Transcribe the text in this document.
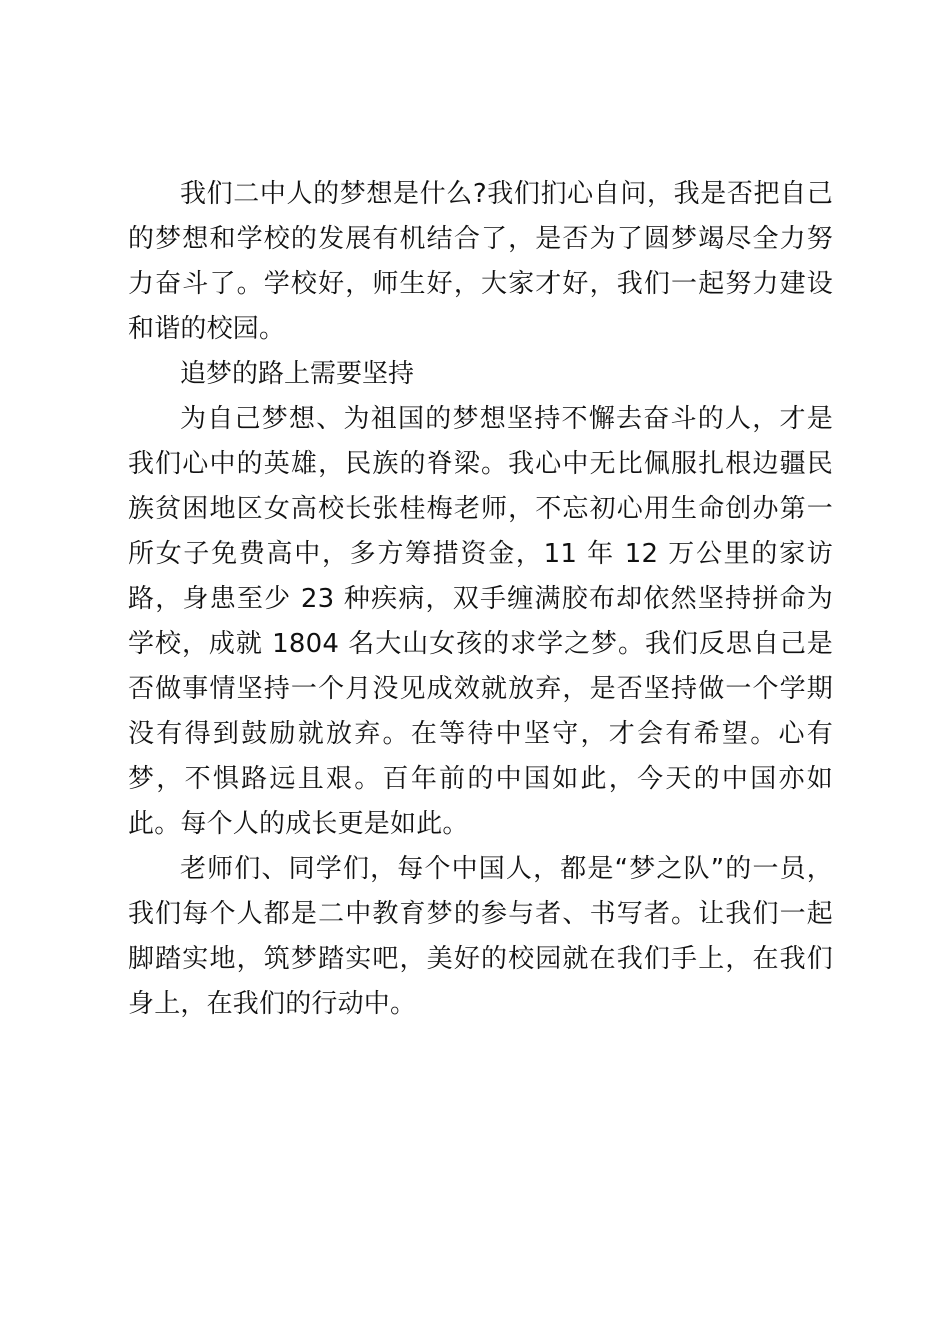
我们二中人的梦想是什么?我们扪心自问，我是否把自己的梦想和学校的发展有机结合了，是否为了圆梦竭尽全力努力奋斗了。学校好，师生好，大家才好，我们一起努力建设和谐的校园。

追梦的路上需要坚持

为自己梦想、为祖国的梦想坚持不懈去奋斗的人，才是我们心中的英雄，民族的脊梁。我心中无比佩服扎根边疆民族贫困地区女高校长张桂梅老师，不忘初心用生命创办第一所女子免费高中，多方筹措资金，11 年 12 万公里的家访路，身患至少 23 种疾病，双手缠满胶布却依然坚持拼命为学校，成就 1804 名大山女孩的求学之梦。我们反思自己是否做事情坚持一个月没见成效就放弃，是否坚持做一个学期没有得到鼓励就放弃。在等待中坚守，才会有希望。心有梦，不惧路远且艰。百年前的中国如此，今天的中国亦如此。每个人的成长更是如此。

老师们、同学们，每个中国人，都是“梦之队”的一员，我们每个人都是二中教育梦的参与者、书写者。让我们一起脚踏实地，筑梦踏实吧，美好的校园就在我们手上，在我们身上，在我们的行动中。
